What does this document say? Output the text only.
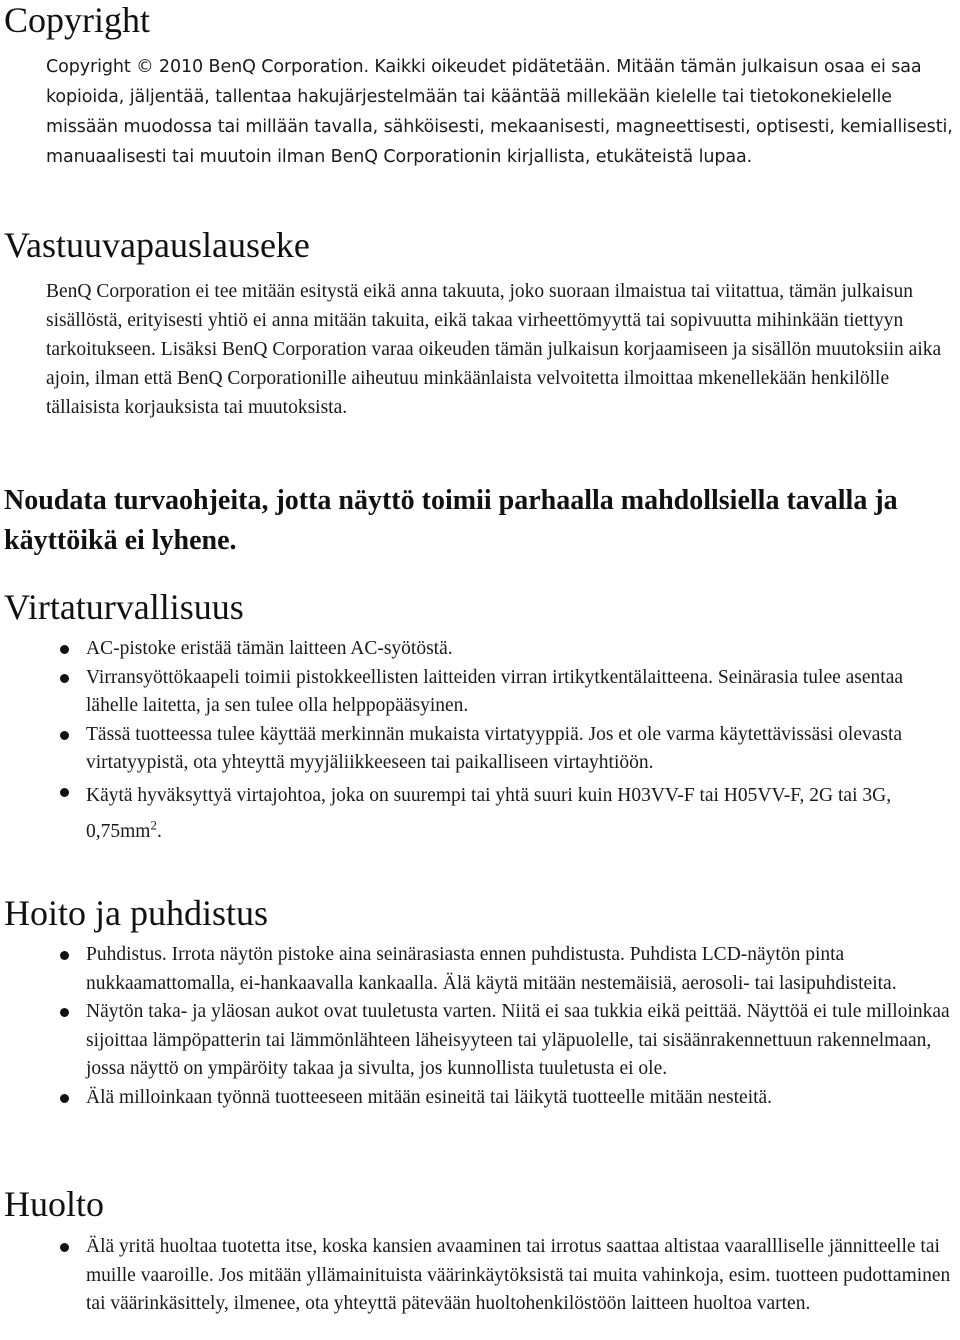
Copyright

Copyright © 2010 BenQ Corporation. Kaikki oikeudet pidätetään. Mitään tämän julkaisun osaa ei saa kopioida, jäljentää, tallentaa hakujärjestelmään tai kääntää millekään kielelle tai tietokonekielelle missään muodossa tai millään tavalla, sähköisesti, mekaanisesti, magneettisesti, optisesti, kemiallisesti, manuaalisesti tai muutoin ilman BenQ Corporationin kirjallista, etukäteistä lupaa.

Vastuuvapauslauseke

BenQ Corporation ei tee mitään esitystä eikä anna takuuta, joko suoraan ilmaistua tai viitattua, tämän julkaisun sisällöstä, erityisesti yhtiö ei anna mitään takuita, eikä takaa virheettömyyttä tai sopivuutta mihinkään tiettyyn tarkoitukseen. Lisäksi BenQ Corporation varaa oikeuden tämän julkaisun korjaamiseen ja sisällön muutoksiin aika ajoin, ilman että BenQ Corporationille aiheutuu minkäänlaista velvoitetta ilmoittaa mkenellekään henkilölle tällaisista korjauksista tai muutoksista.

Noudata turvaohjeita, jotta näyttö toimii parhaalla mahdollsiella tavalla ja käyttöikä ei lyhene.
Virtaturvallisuus
AC-pistoke eristää tämän laitteen AC-syötöstä.
Virransyöttökaapeli toimii pistokkeellisten laitteiden virran irtikytkentälaitteena. Seinärasia tulee asentaa lähelle laitetta, ja sen tulee olla helppopääsyinen.
Tässä tuotteessa tulee käyttää merkinnän mukaista virtatyyppiä. Jos et ole varma käytettävissäsi olevasta virtatyypistä, ota yhteyttä myyjäliikkeeseen tai paikalliseen virtayhtiöön.
Käytä hyväksyttyä virtajohtoa, joka on suurempi tai yhtä suuri kuin H03VV-F tai H05VV-F, 2G tai 3G, $0,75mm^2$.
Hoito ja puhdistus
Puhdistus. Irrota näytön pistoke aina seinärasiasta ennen puhdistusta. Puhdista LCD-näytön pinta nukkaamattomalla, ei-hankaavalla kankaalla. Älä käytä mitään nestemäisiä, aerosoli- tai lasipuhdisteita.
Näytön taka- ja yläosan aukot ovat tuuletusta varten. Niitä ei saa tukkia eikä peittää. Näyttöä ei tule milloinkaa sijoittaa lämpöpatterin tai lämmönlähteen läheisyyteen tai yläpuolelle, tai sisäänrakennettuun rakennelmaan, jossa näyttö on ympäröity takaa ja sivulta, jos kunnollista tuuletusta ei ole.
Älä milloinkaan työnnä tuotteeseen mitään esineitä tai läikytä tuotteelle mitään nesteitä.
Huolto
Älä yritä huoltaa tuotetta itse, koska kansien avaaminen tai irrotus saattaa altistaa vaarallliselle jännitteelle tai muille vaaroille. Jos mitään yllämainituista väärinkäytöksistä tai muita vahinkoja, esim. tuotteen pudottaminen tai väärinkäsittely, ilmenee, ota yhteyttä pätevään huoltohenkilöstöön laitteen huoltoa varten.
